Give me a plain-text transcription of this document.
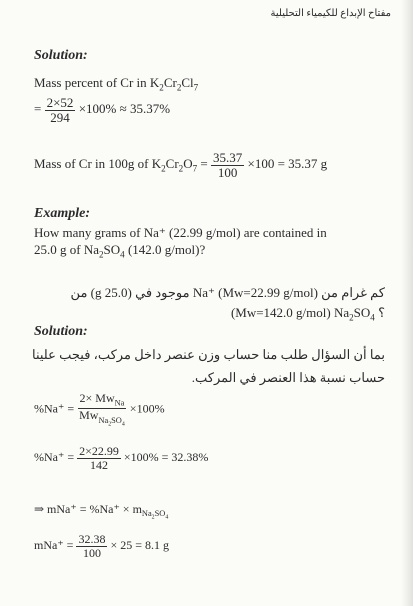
مفتاح الإبداع للكيمياء التحليلية
Solution:
Mass percent of Cr in $K_2Cr_2Cl_7$
= $\frac{2\times 52}{294} \times 100\% \approx 35.37\%$
Mass of Cr in 100g of $K_2Cr_2O_7 = \frac{35.37}{100} \times 100 = 35.37$ g
Example:
How many grams of Na⁺ (22.99 g/mol) are contained in
25.0 g of $Na_2SO_4$ (142.0 g/mol)?
كم غرام من Na⁺ (Mw=22.99 g/mol) موجود في (25.0 g) من
(Mw=142.0 g/mol) $Na_2SO_4$ ؟
Solution:
بما أن السؤال طلب منا حساب وزن عنصر داخل مركب، فيجب علينا
حساب نسبة هذا العنصر في المركب.
$\%Na^+ = \frac{2\times Mw_{Na}}{Mw_{Na_2SO_4}} \times 100\%$
$\%Na^+ = \frac{2\times 22.99}{142} \times 100\% = 32.38\%$
⇒ $mNa^+ = \%Na^+ \times m_{Na_2SO_4}$
$mNa^+ = \frac{32.38}{100} \times 25 = 8.1$ g
